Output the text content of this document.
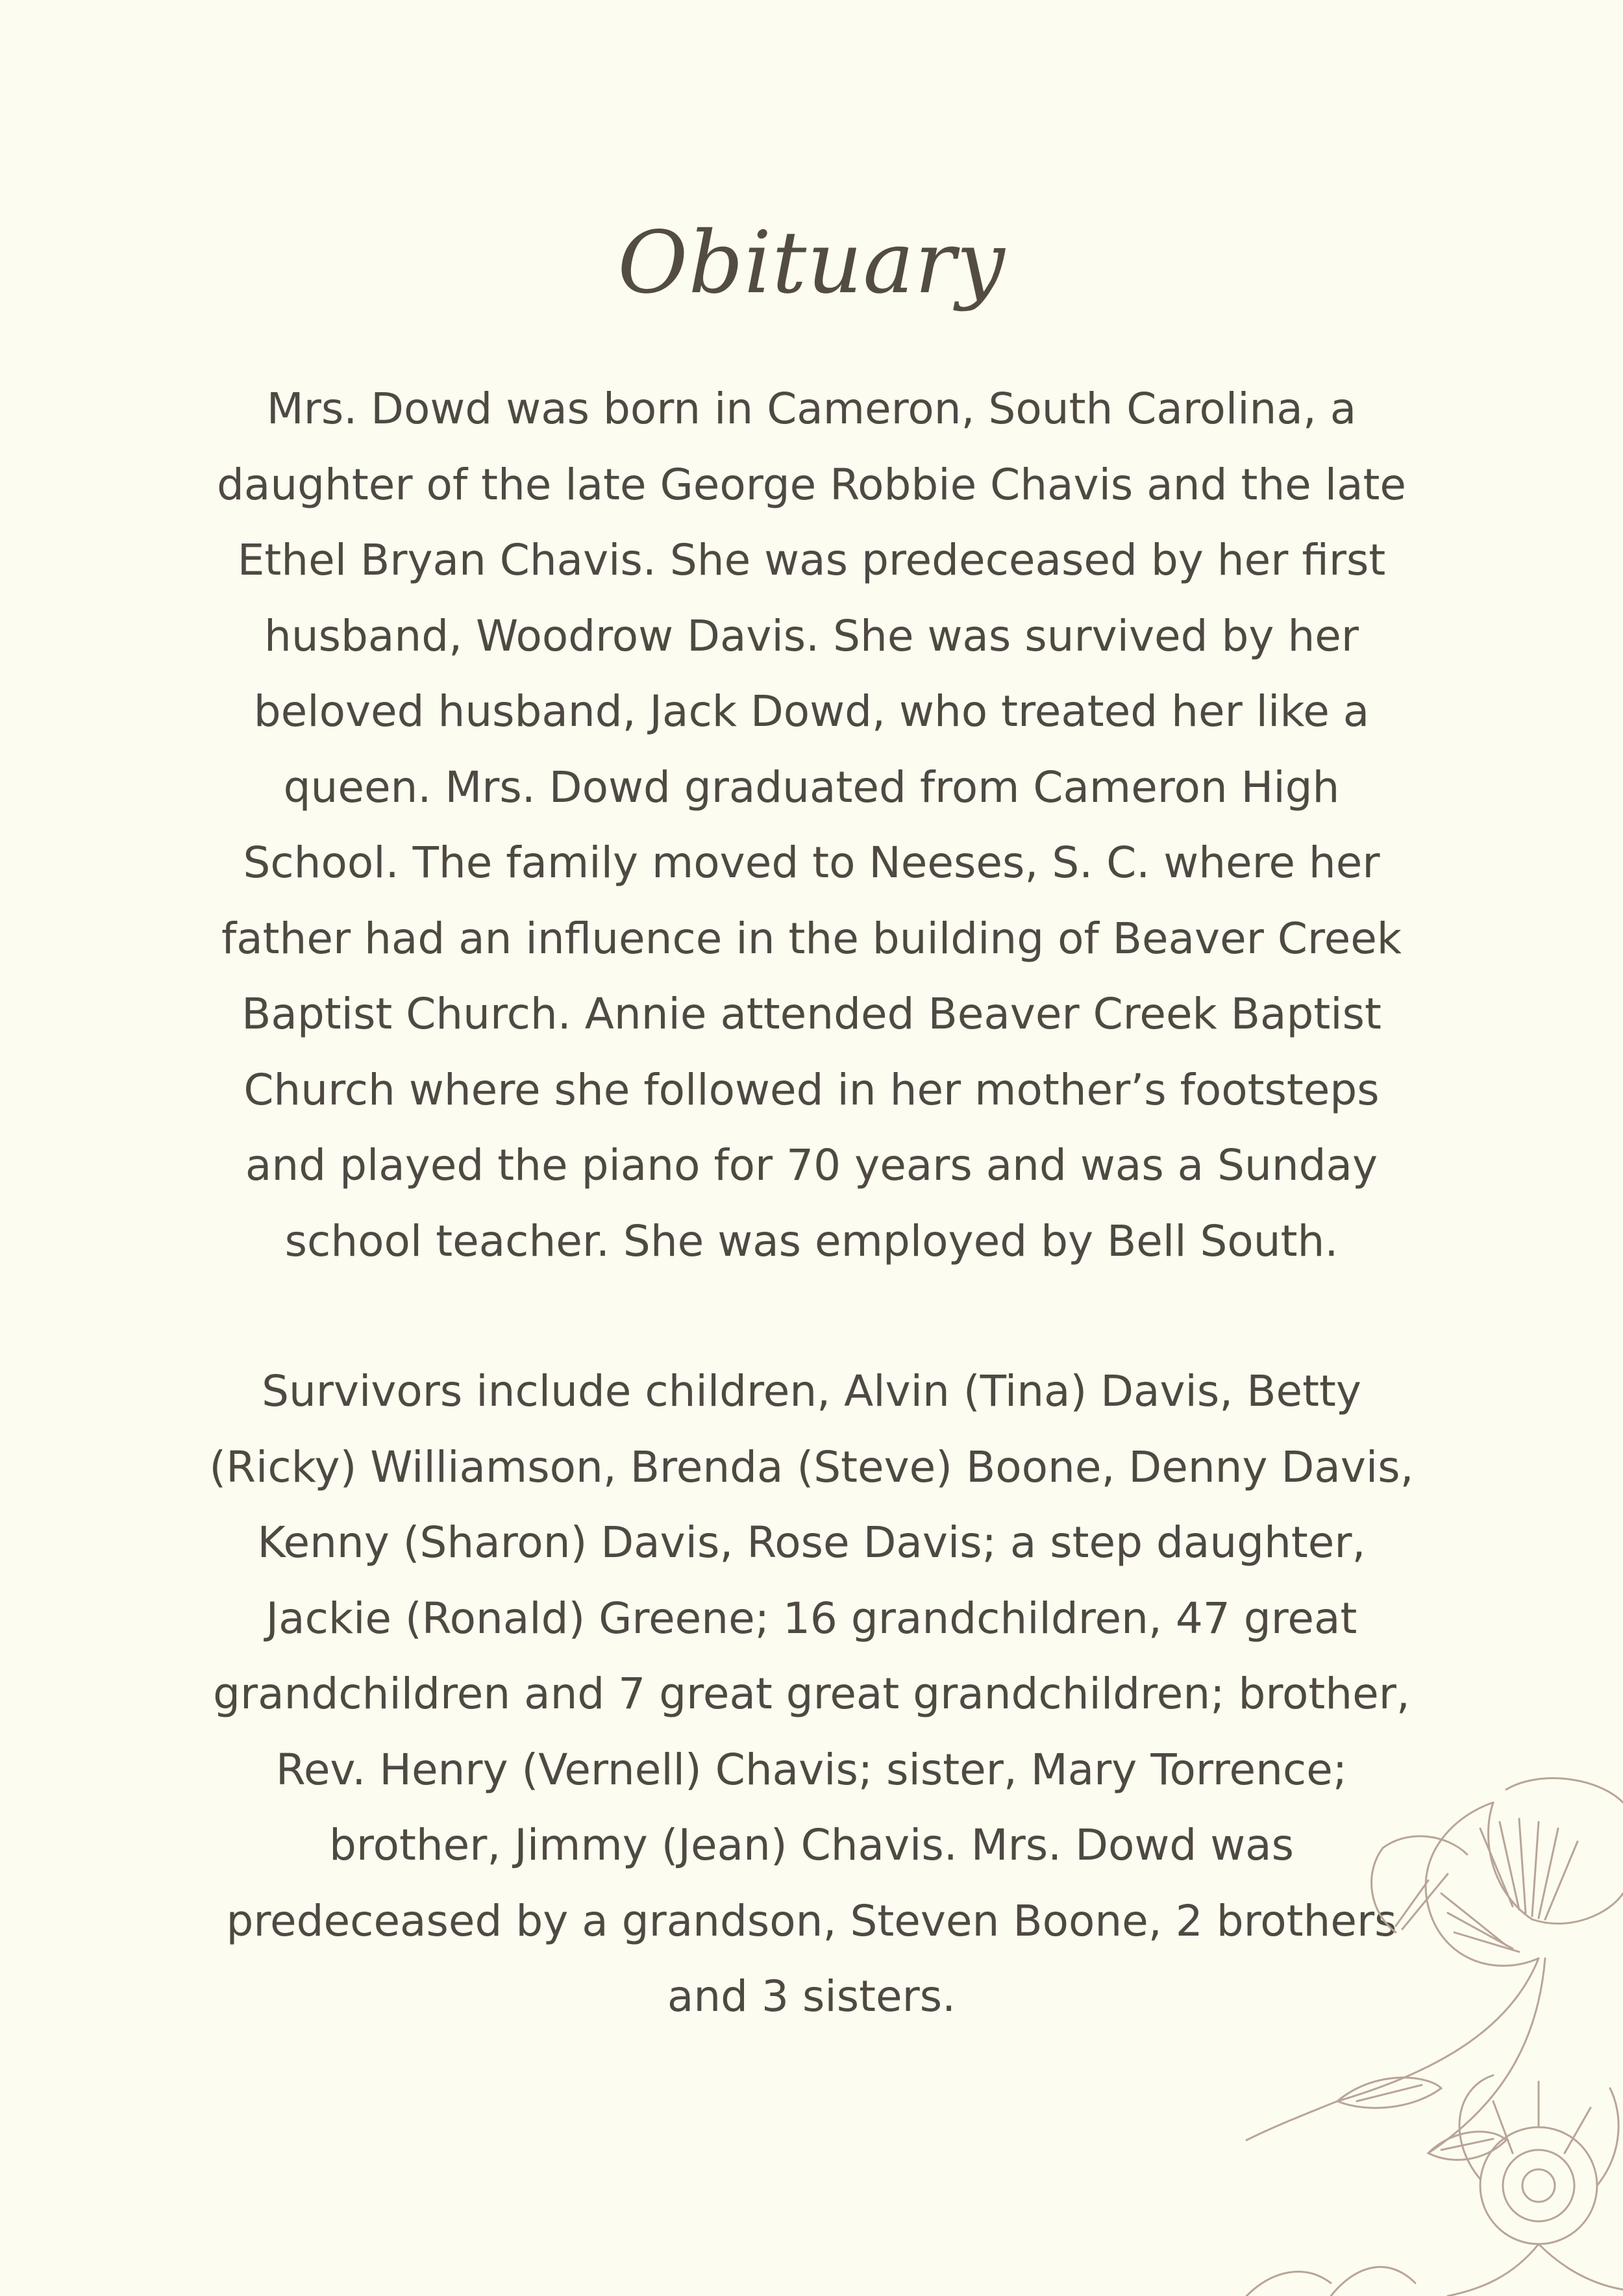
Obituary

Mrs. Dowd was born in Cameron, South Carolina, a
daughter of the late George Robbie Chavis and the late
Ethel Bryan Chavis. She was predeceased by her first
husband, Woodrow Davis. She was survived by her
beloved husband, Jack Dowd, who treated her like a
queen. Mrs. Dowd graduated from Cameron High
School. The family moved to Neeses, S. C. where her
father had an influence in the building of Beaver Creek
Baptist Church. Annie attended Beaver Creek Baptist
Church where she followed in her mother’s footsteps
and played the piano for 70 years and was a Sunday
school teacher. She was employed by Bell South.

Survivors include children, Alvin (Tina) Davis, Betty
(Ricky) Williamson, Brenda (Steve) Boone, Denny Davis,
Kenny (Sharon) Davis, Rose Davis; a step daughter,
Jackie (Ronald) Greene; 16 grandchildren, 47 great
grandchildren and 7 great great grandchildren; brother,
Rev. Henry (Vernell) Chavis; sister, Mary Torrence;
brother, Jimmy (Jean) Chavis. Mrs. Dowd was
predeceased by a grandson, Steven Boone, 2 brothers
and 3 sisters.
